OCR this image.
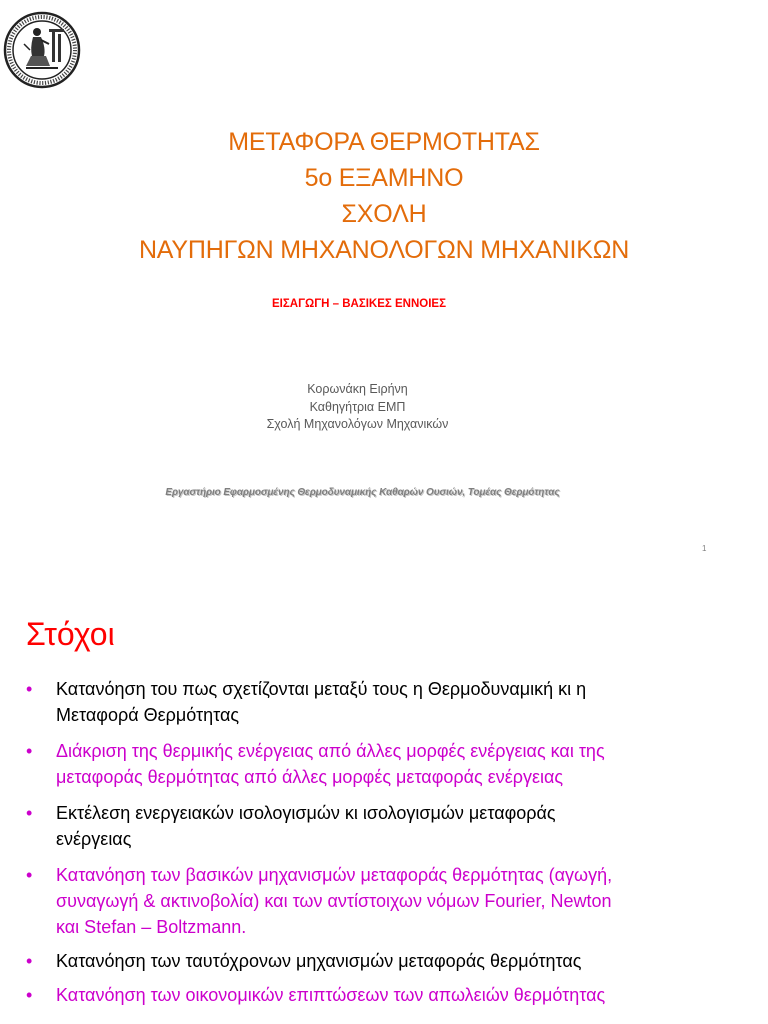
ΜΕΤΑΦΟΡΑ ΘΕΡΜΟΤΗΤΑΣ
5ο ΕΞΑΜΗΝΟ
ΣΧΟΛΗ
ΝΑΥΠΗΓΩΝ ΜΗΧΑΝΟΛΟΓΩΝ ΜΗΧΑΝΙΚΩΝ
ΕΙΣΑΓΩΓΗ – ΒΑΣΙΚΕΣ ΕΝΝΟΙΕΣ
Κορωνάκη Ειρήνη
Καθηγήτρια ΕΜΠ
Σχολή Μηχανολόγων Μηχανικών
Εργαστήριο Εφαρμοσμένης Θερμοδυναμικής Καθαρών Ουσιών, Τομέας Θερμότητας
1
Στόχοι
• Κατανόηση του πως σχετίζονται μεταξύ τους η Θερμοδυναμική κι η
Μεταφορά Θερμότητας
• Διάκριση της θερμικής ενέργειας από άλλες μορφές ενέργειας και της
μεταφοράς θερμότητας από άλλες μορφές μεταφοράς ενέργειας
• Εκτέλεση ενεργειακών ισολογισμών κι ισολογισμών μεταφοράς
ενέργειας
• Κατανόηση των βασικών μηχανισμών μεταφοράς θερμότητας (αγωγή,
συναγωγή & ακτινοβολία) και των αντίστοιχων νόμων Fourier, Newton
και Stefan – Boltzmann.
• Κατανόηση των ταυτόχρονων μηχανισμών μεταφοράς θερμότητας
• Κατανόηση των οικονομικών επιπτώσεων των απωλειών θερμότητας
